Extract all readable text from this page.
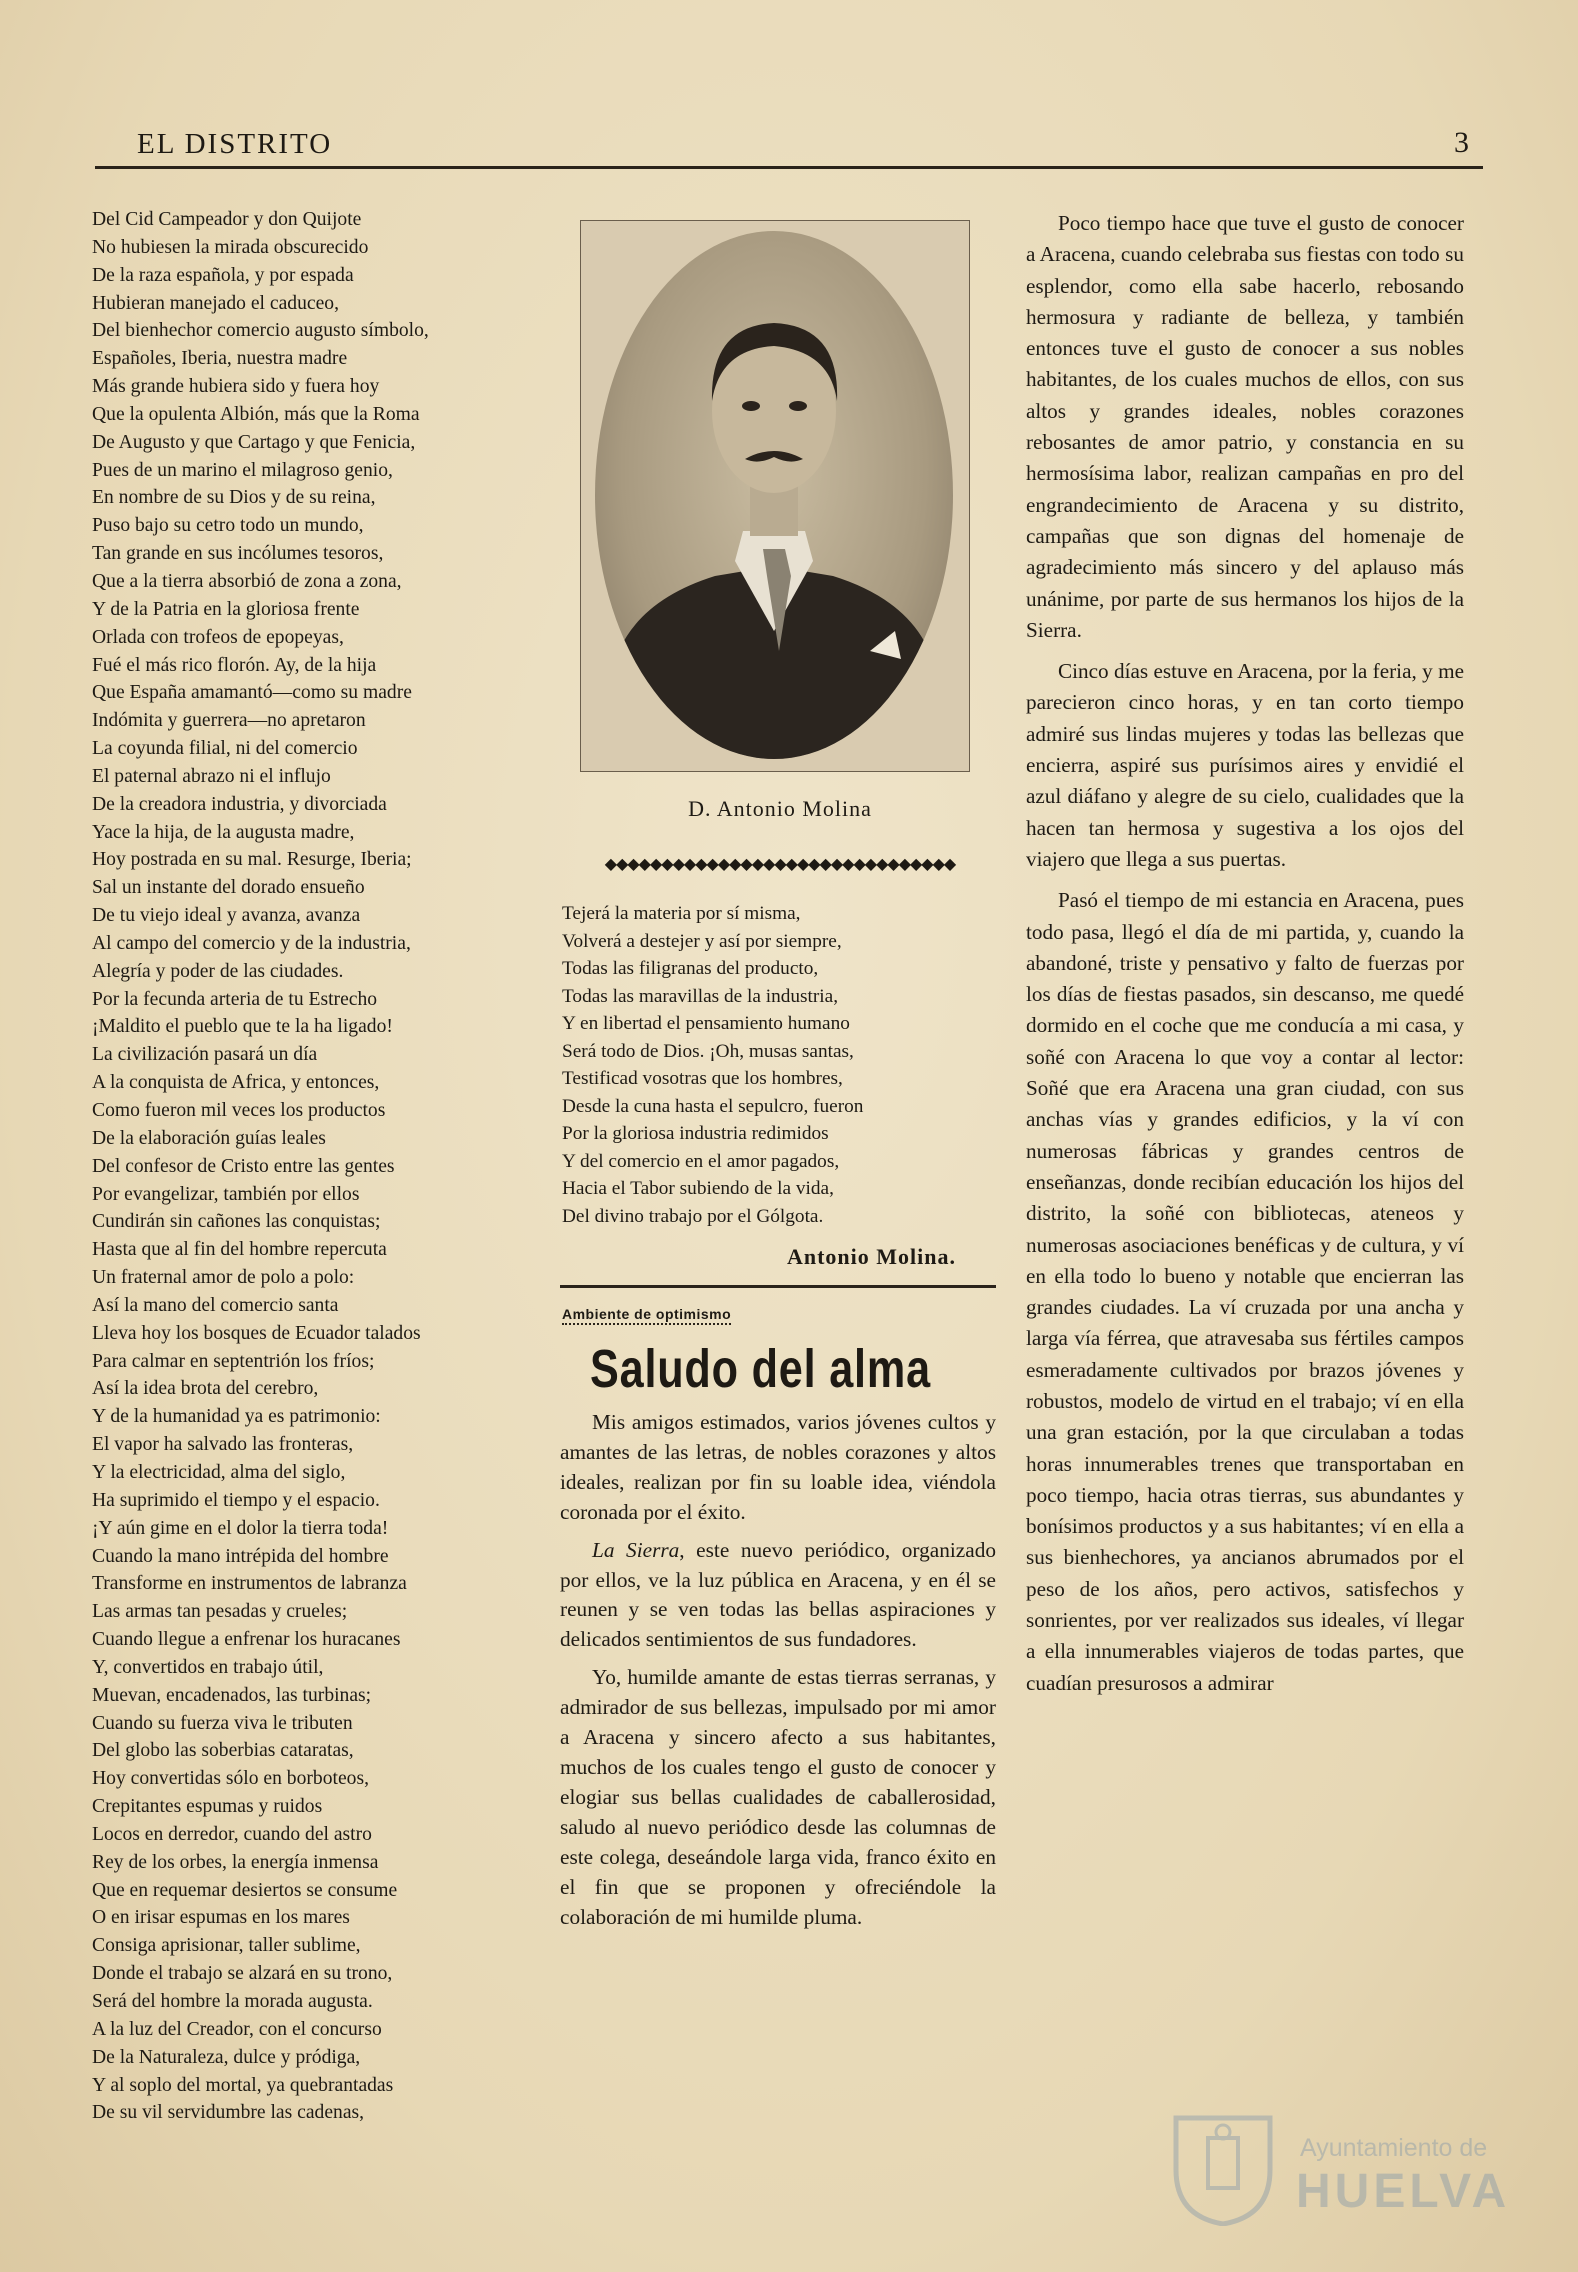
EL DISTRITO	3
Del Cid Campeador y don Quijote
No hubiesen la mirada obscurecido
De la raza española, y por espada
Hubieran manejado el caduceo,
Del bienhechor comercio augusto símbolo,
Españoles, Iberia, nuestra madre
Más grande hubiera sido y fuera hoy
Que la opulenta Albión, más que la Roma
De Augusto y que Cartago y que Fenicia,
Pues de un marino el milagroso genio,
En nombre de su Dios y de su reina,
Puso bajo su cetro todo un mundo,
Tan grande en sus incólumes tesoros,
Que a la tierra absorbió de zona a zona,
Y de la Patria en la gloriosa frente
Orlada con trofeos de epopeyas,
Fué el más rico florón. Ay, de la hija
Que España amamantó—como su madre
Indómita y guerrera—no apretaron
La coyunda filial, ni del comercio
El paternal abrazo ni el influjo
De la creadora industria, y divorciada
Yace la hija, de la augusta madre,
Hoy postrada en su mal. Resurge, Iberia;
Sal un instante del dorado ensueño
De tu viejo ideal y avanza, avanza
Al campo del comercio y de la industria,
Alegría y poder de las ciudades.
Por la fecunda arteria de tu Estrecho
¡Maldito el pueblo que te la ha ligado!
La civilización pasará un día
A la conquista de Africa, y entonces,
Como fueron mil veces los productos
De la elaboración guías leales
Del confesor de Cristo entre las gentes
Por evangelizar, también por ellos
Cundirán sin cañones las conquistas;
Hasta que al fin del hombre repercuta
Un fraternal amor de polo a polo:
Así la mano del comercio santa
Lleva hoy los bosques de Ecuador talados
Para calmar en septentrión los fríos;
Así la idea brota del cerebro,
Y de la humanidad ya es patrimonio:
El vapor ha salvado las fronteras,
Y la electricidad, alma del siglo,
Ha suprimido el tiempo y el espacio.
¡Y aún gime en el dolor la tierra toda!
Cuando la mano intrépida del hombre
Transforme en instrumentos de labranza
Las armas tan pesadas y crueles;
Cuando llegue a enfrenar los huracanes
Y, convertidos en trabajo útil,
Muevan, encadenados, las turbinas;
Cuando su fuerza viva le tributen
Del globo las soberbias cataratas,
Hoy convertidas sólo en borboteos,
Crepitantes espumas y ruidos
Locos en derredor, cuando del astro
Rey de los orbes, la energía inmensa
Que en requemar desiertos se consume
O en irisar espumas en los mares
Consiga aprisionar, taller sublime,
Donde el trabajo se alzará en su trono,
Será del hombre la morada augusta.
A la luz del Creador, con el concurso
De la Naturaleza, dulce y pródiga,
Y al soplo del mortal, ya quebrantadas
De su vil servidumbre las cadenas,
D. Antonio Molina
◆◆◆◆◆◆◆◆◆◆◆◆◆◆◆◆◆◆◆◆◆◆◆◆◆◆◆◆◆◆◆
Tejerá la materia por sí misma,
Volverá a destejer y así por siempre,
Todas las filigranas del producto,
Todas las maravillas de la industria,
Y en libertad el pensamiento humano
Será todo de Dios. ¡Oh, musas santas,
Testificad vosotras que los hombres,
Desde la cuna hasta el sepulcro, fueron
Por la gloriosa industria redimidos
Y del comercio en el amor pagados,
Hacia el Tabor subiendo de la vida,
Del divino trabajo por el Gólgota.
Antonio Molina.
Ambiente de optimismo
Saludo del alma

Mis amigos estimados, varios jóvenes cultos y amantes de las letras, de nobles corazones y altos ideales, realizan por fin su loable idea, viéndola coronada por el éxito.

La Sierra, este nuevo periódico, organizado por ellos, ve la luz pública en Aracena, y en él se reunen y se ven todas las bellas aspiraciones y delicados sentimientos de sus fundadores.

Yo, humilde amante de estas tierras serranas, y admirador de sus bellezas, impulsado por mi amor a Aracena y sincero afecto a sus habitantes, muchos de los cuales tengo el gusto de conocer y elogiar sus bellas cualidades de caballerosidad, saludo al nuevo periódico desde las columnas de este colega, deseándole larga vida, franco éxito en el fin que se proponen y ofreciéndole la colaboración de mi humilde pluma.

Poco tiempo hace que tuve el gusto de conocer a Aracena, cuando celebraba sus fiestas con todo su esplendor, como ella sabe hacerlo, rebosando hermosura y radiante de belleza, y también entonces tuve el gusto de conocer a sus nobles habitantes, de los cuales muchos de ellos, con sus altos y grandes ideales, nobles corazones rebosantes de amor patrio, y constancia en su hermosísima labor, realizan campañas en pro del engrandecimiento de Aracena y su distrito, campañas que son dignas del homenaje de agradecimiento más sincero y del aplauso más unánime, por parte de sus hermanos los hijos de la Sierra.

Cinco días estuve en Aracena, por la feria, y me parecieron cinco horas, y en tan corto tiempo admiré sus lindas mujeres y todas las bellezas que encierra, aspiré sus purísimos aires y envidié el azul diáfano y alegre de su cielo, cualidades que la hacen tan hermosa y sugestiva a los ojos del viajero que llega a sus puertas.

Pasó el tiempo de mi estancia en Aracena, pues todo pasa, llegó el día de mi partida, y, cuando la abandoné, triste y pensativo y falto de fuerzas por los días de fiestas pasados, sin descanso, me quedé dormido en el coche que me conducía a mi casa, y soñé con Aracena lo que voy a contar al lector: Soñé que era Aracena una gran ciudad, con sus anchas vías y grandes edificios, y la ví con numerosas fábricas y grandes centros de enseñanzas, donde recibían educación los hijos del distrito, la soñé con bibliotecas, ateneos y numerosas asociaciones benéficas y de cultura, y ví en ella todo lo bueno y notable que encierran las grandes ciudades. La ví cruzada por una ancha y larga vía férrea, que atravesaba sus fértiles campos esmeradamente cultivados por brazos jóvenes y robustos, modelo de virtud en el trabajo; ví en ella una gran estación, por la que circulaban a todas horas innumerables trenes que transportaban en poco tiempo, hacia otras tierras, sus abundantes y bonísimos productos y a sus habitantes; ví en ella a sus bienhechores, ya ancianos abrumados por el peso de los años, pero activos, satisfechos y sonrientes, por ver realizados sus ideales, ví llegar a ella innumerables viajeros de todas partes, que cuadían presurosos a admirar

Ayuntamiento de
HUELVA
